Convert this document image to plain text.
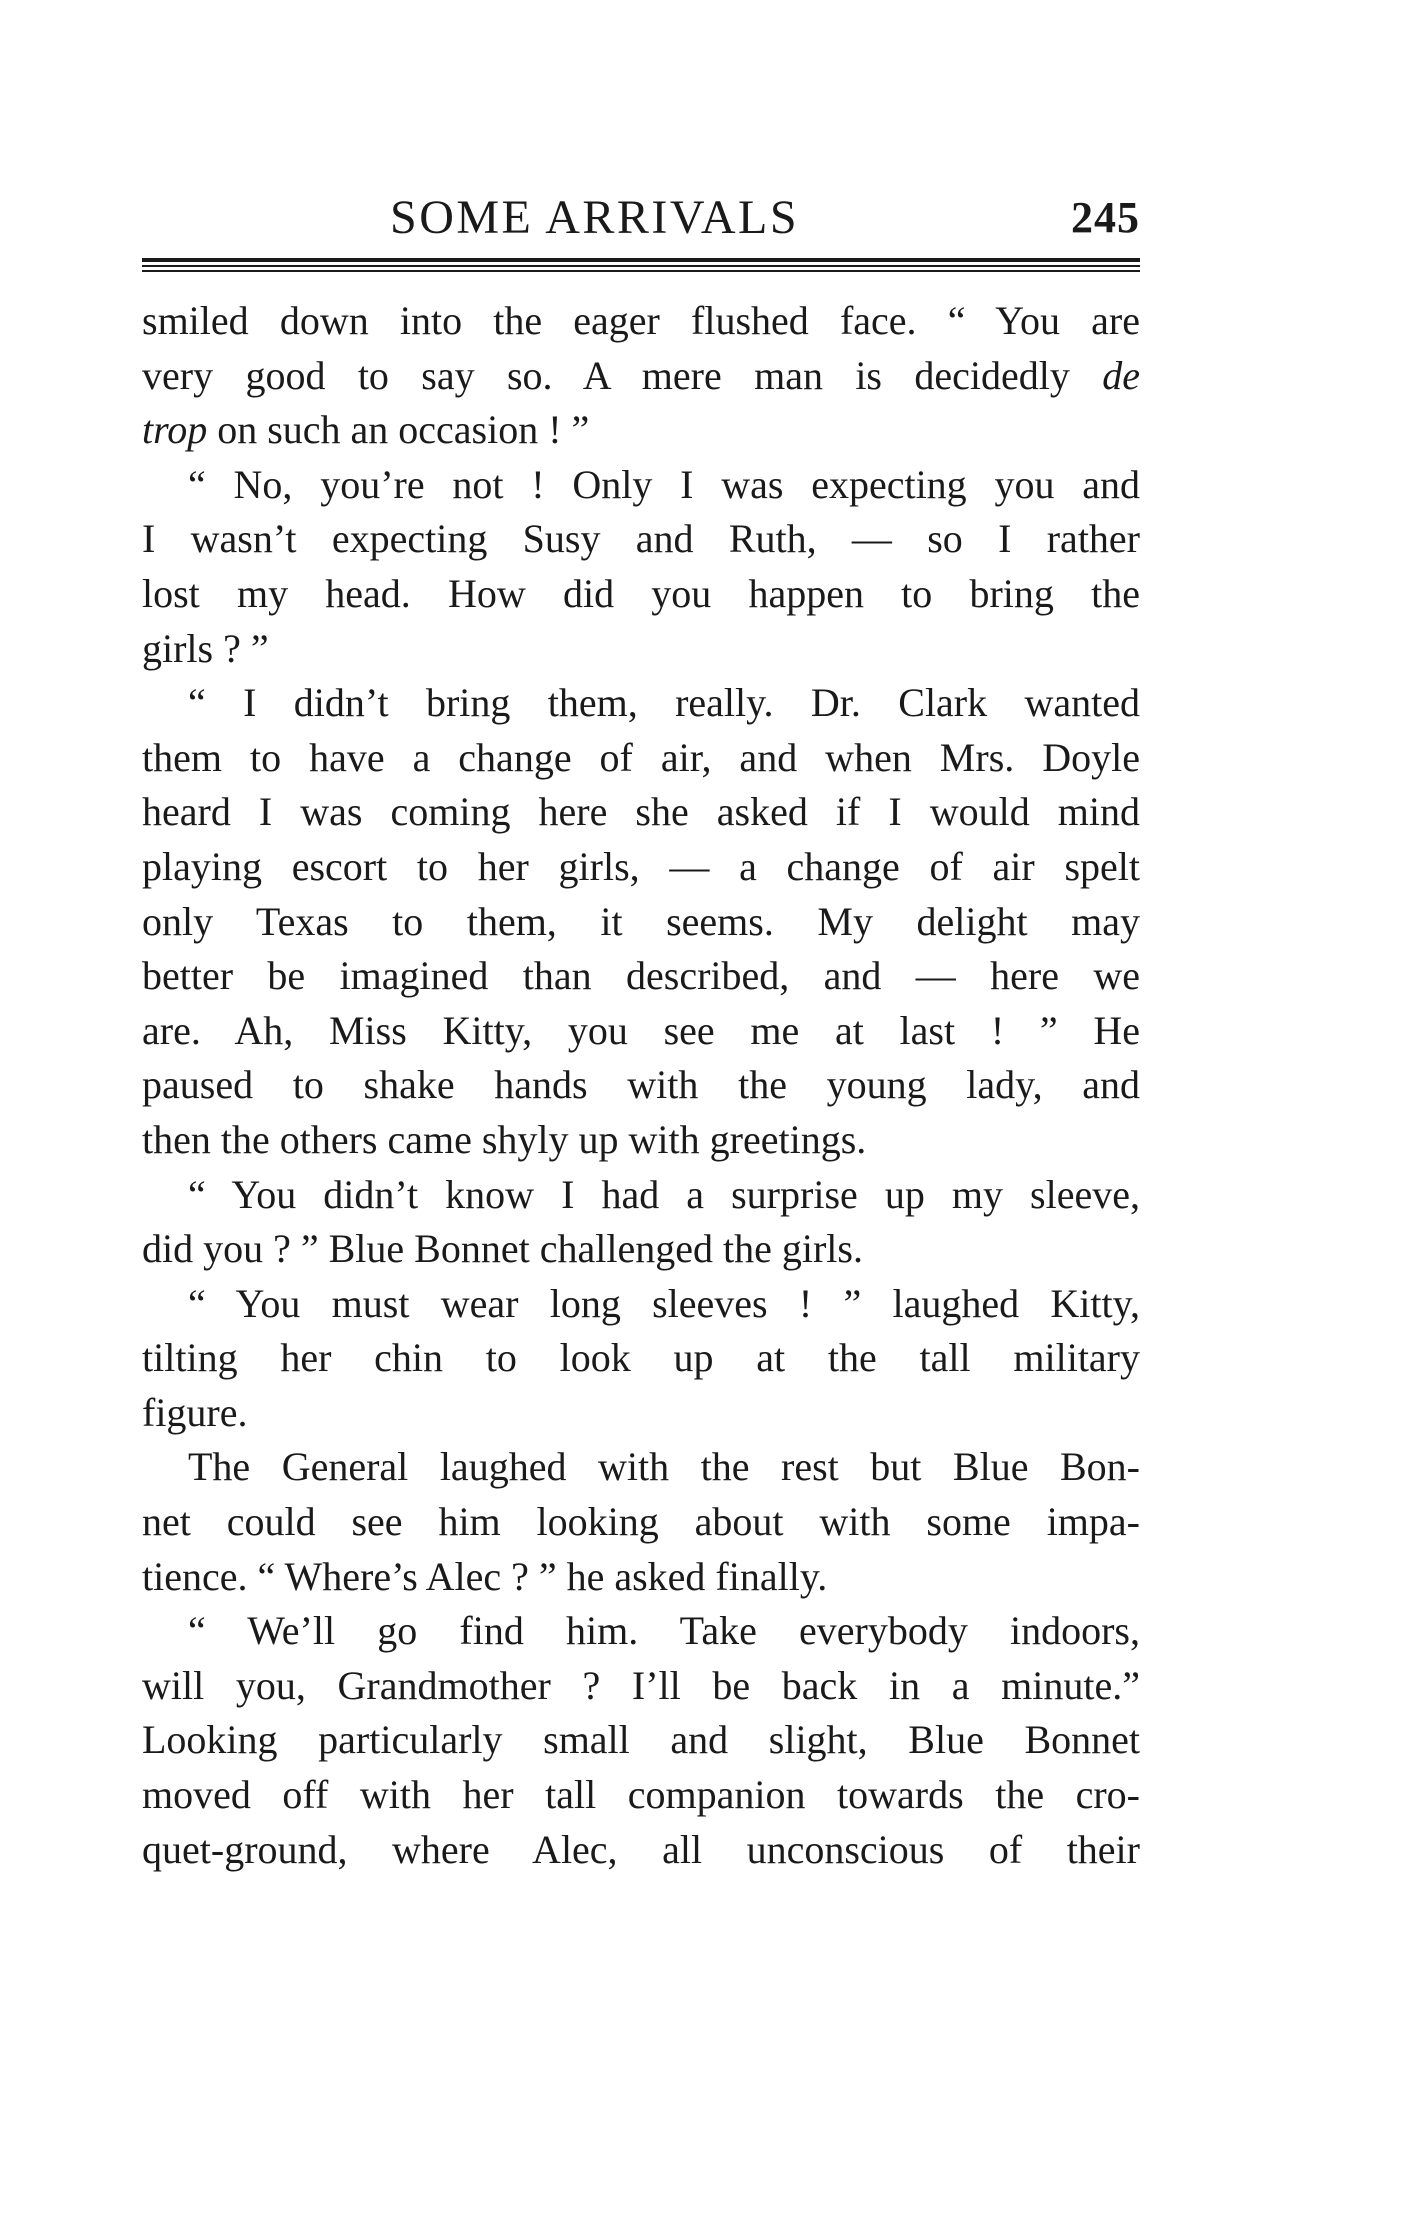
SOME ARRIVALS	245
smiled down into the eager flushed face. “ You are
very good to say so. A mere man is decidedly de
trop on such an occasion ! ”
“ No, you’re not ! Only I was expecting you and
I wasn’t expecting Susy and Ruth, — so I rather
lost my head. How did you happen to bring the
girls ? ”
“ I didn’t bring them, really. Dr. Clark wanted
them to have a change of air, and when Mrs. Doyle
heard I was coming here she asked if I would mind
playing escort to her girls, — a change of air spelt
only Texas to them, it seems. My delight may
better be imagined than described, and — here we
are. Ah, Miss Kitty, you see me at last ! ” He
paused to shake hands with the young lady, and
then the others came shyly up with greetings.
“ You didn’t know I had a surprise up my sleeve,
did you ? ” Blue Bonnet challenged the girls.
“ You must wear long sleeves ! ” laughed Kitty,
tilting her chin to look up at the tall military
figure.
The General laughed with the rest but Blue Bon-
net could see him looking about with some impa-
tience. “ Where’s Alec ? ” he asked finally.
“ We’ll go find him. Take everybody indoors,
will you, Grandmother ? I’ll be back in a minute.”
Looking particularly small and slight, Blue Bonnet
moved off with her tall companion towards the cro-
quet-ground, where Alec, all unconscious of their
